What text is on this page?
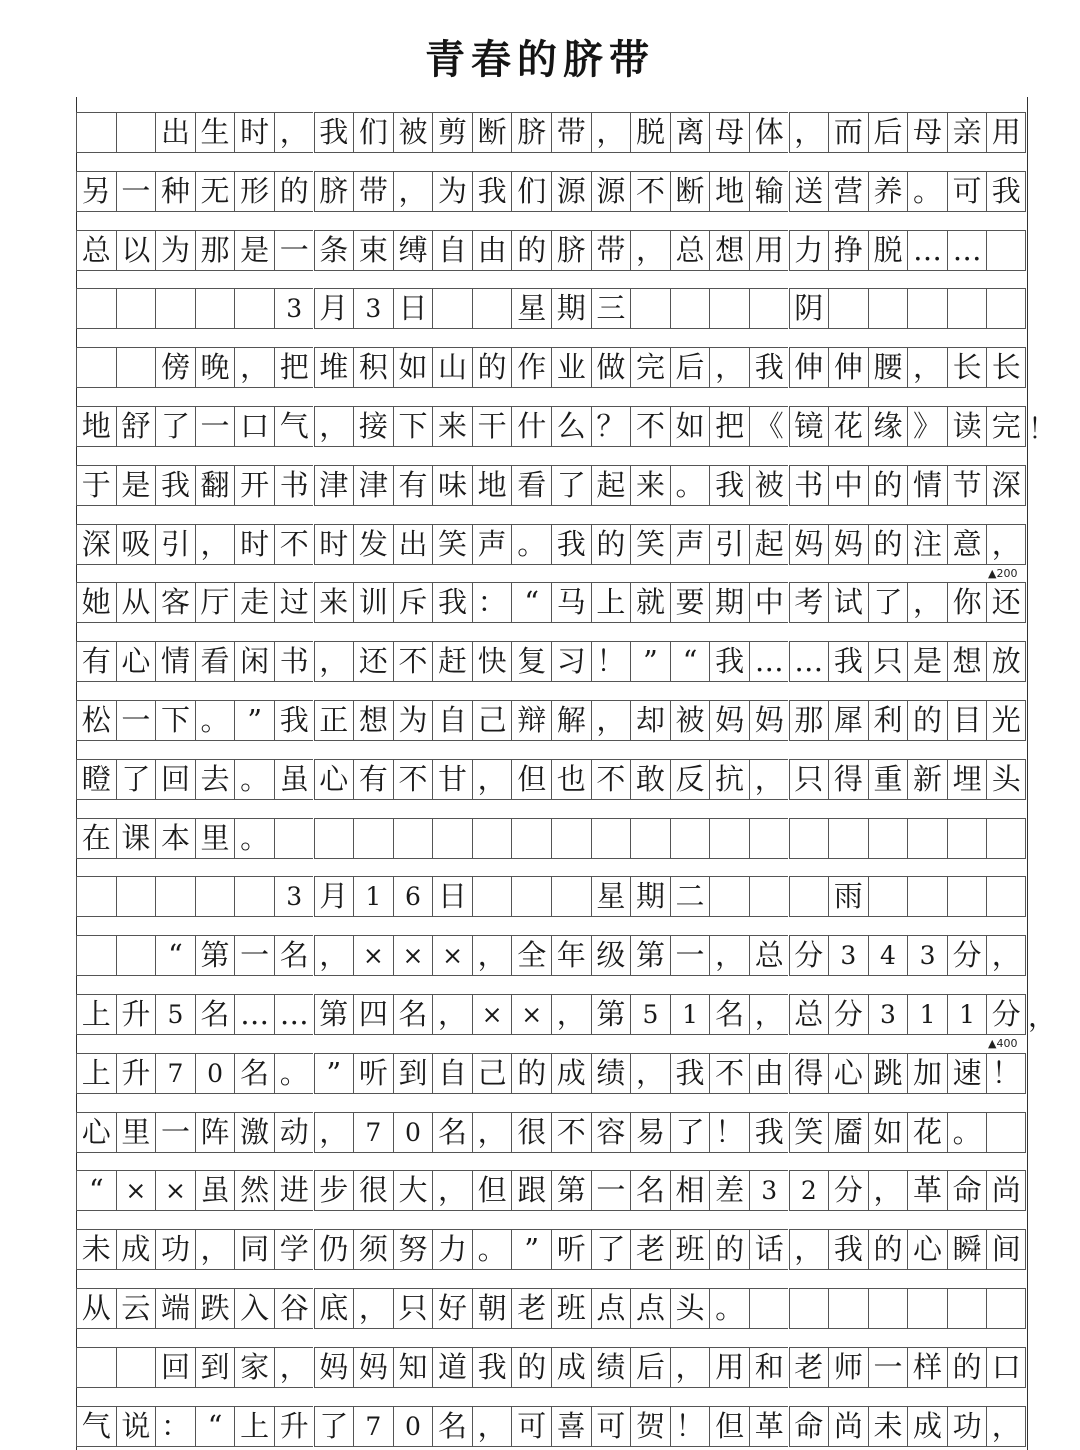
青春的脐带
出 生 时 ， 我 们 被 剪 断 脐 带 ， 脱 离 母 体 ， 而 后 母 亲 用
另 一 种 无 形 的 脐 带 ， 为 我 们 源 源 不 断 地 输 送 营 养 。 可 我
总 以 为 那 是 一 条 束 缚 自 由 的 脐 带 ， 总 想 用 力 挣 脱 … …
3 月 3 日	星 期 三	阴
傍 晚 ， 把 堆 积 如 山 的 作 业 做 完 后 ， 我 伸 伸 腰 ， 长 长
地 舒 了 一 口 气 ， 接 下 来 干 什 么 ？ 不 如 把 《 镜 花 缘 》 读 完 ！
于 是 我 翻 开 书 津 津 有 味 地 看 了 起 来 。 我 被 书 中 的 情 节 深
深 吸 引 ， 时 不 时 发 出 笑 声 。 我 的 笑 声 引 起 妈 妈 的 注 意 ，
她 从 客 厅 走 过 来 训 斥 我 ： “ 马 上 就 要 期 中 考 试 了 ， 你 还
有 心 情 看 闲 书 ， 还 不 赶 快 复 习 ！ ” “ 我 … … 我 只 是 想 放
松 一 下 。 ” 我 正 想 为 自 己 辩 解 ， 却 被 妈 妈 那 犀 利 的 目 光
瞪 了 回 去 。 虽 心 有 不 甘 ， 但 也 不 敢 反 抗 ， 只 得 重 新 埋 头
在 课 本 里 。
3 月 1 6 日	星 期 二	雨
“ 第 一 名 ， × × × ， 全 年 级 第 一 ， 总 分 3 4 3 分 ，
上 升 5 名 … … 第 四 名 ， × × ， 第 5 1 名 ， 总 分 3 1 1 分 ，
上 升 7 0 名 。 ” 听 到 自 己 的 成 绩 ， 我 不 由 得 心 跳 加 速 ！
心 里 一 阵 激 动 ， 7 0 名 ， 很 不 容 易 了 ！ 我 笑 靥 如 花 。
“ × × 虽 然 进 步 很 大 ， 但 跟 第 一 名 相 差 3 2 分 ， 革 命 尚
未 成 功 ， 同 学 仍 须 努 力 。 ” 听 了 老 班 的 话 ， 我 的 心 瞬 间
从 云 端 跌 入 谷 底 ， 只 好 朝 老 班 点 点 头 。
回 到 家 ， 妈 妈 知 道 我 的 成 绩 后 ， 用 和 老 师 一 样 的 口
气 说 ： “ 上 升 了 7 0 名 ， 可 喜 可 贺 ！ 但 革 命 尚 未 成 功 ，
▲200
▲400
